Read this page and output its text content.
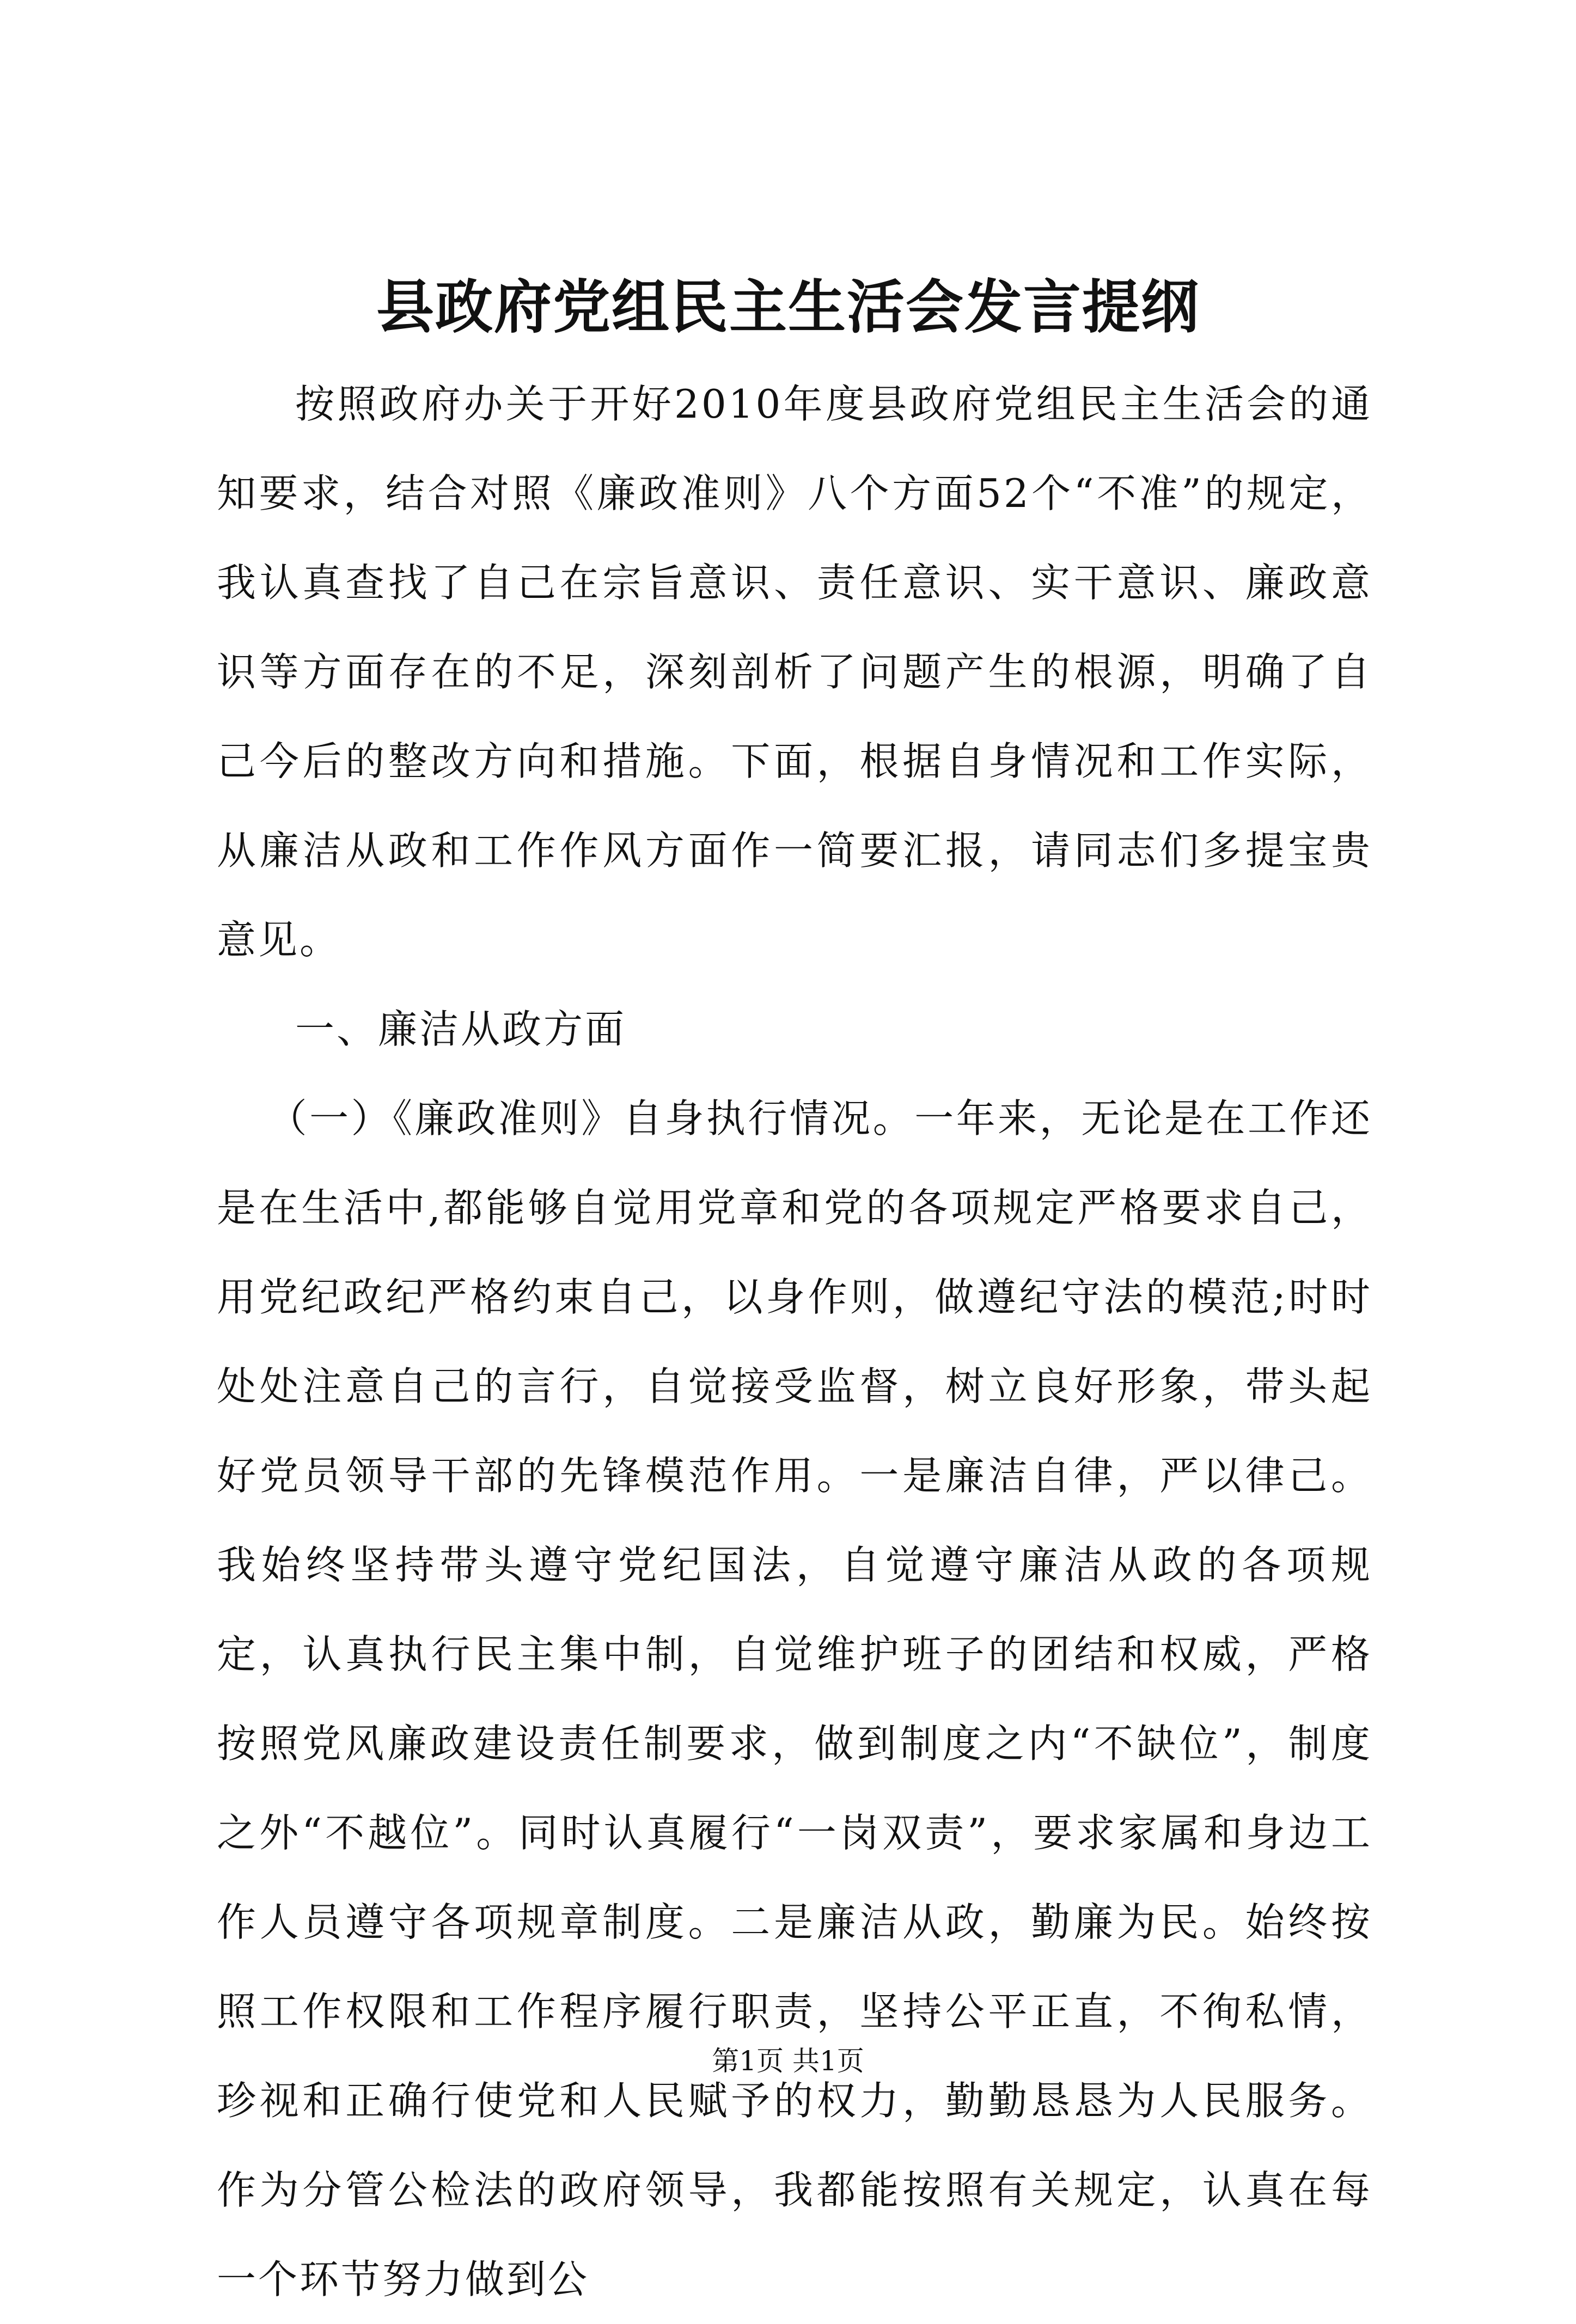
县政府党组民主生活会发言提纲

按照政府办关于开好2010年度县政府党组民主生活会的通知要求，结合对照《廉政准则》八个方面52个“不准”的规定，我认真查找了自己在宗旨意识、责任意识、实干意识、廉政意识等方面存在的不足，深刻剖析了问题产生的根源，明确了自己今后的整改方向和措施。下面，根据自身情况和工作实际，从廉洁从政和工作作风方面作一简要汇报，请同志们多提宝贵意见。

一、廉洁从政方面

（一）《廉政准则》自身执行情况。一年来，无论是在工作还是在生活中,都能够自觉用党章和党的各项规定严格要求自己，用党纪政纪严格约束自己，以身作则，做遵纪守法的模范;时时处处注意自己的言行，自觉接受监督，树立良好形象，带头起好党员领导干部的先锋模范作用。一是廉洁自律，严以律己。我始终坚持带头遵守党纪国法，自觉遵守廉洁从政的各项规定，认真执行民主集中制，自觉维护班子的团结和权威，严格按照党风廉政建设责任制要求，做到制度之内“不缺位”，制度之外“不越位”。同时认真履行“一岗双责”，要求家属和身边工作人员遵守各项规章制度。二是廉洁从政，勤廉为民。始终按照工作权限和工作程序履行职责，坚持公平正直，不徇私情，珍视和正确行使党和人民赋予的权力，勤勤恳恳为人民服务。作为分管公检法的政府领导，我都能按照有关规定，认真在每一个环节努力做到公

第1页 共1页
